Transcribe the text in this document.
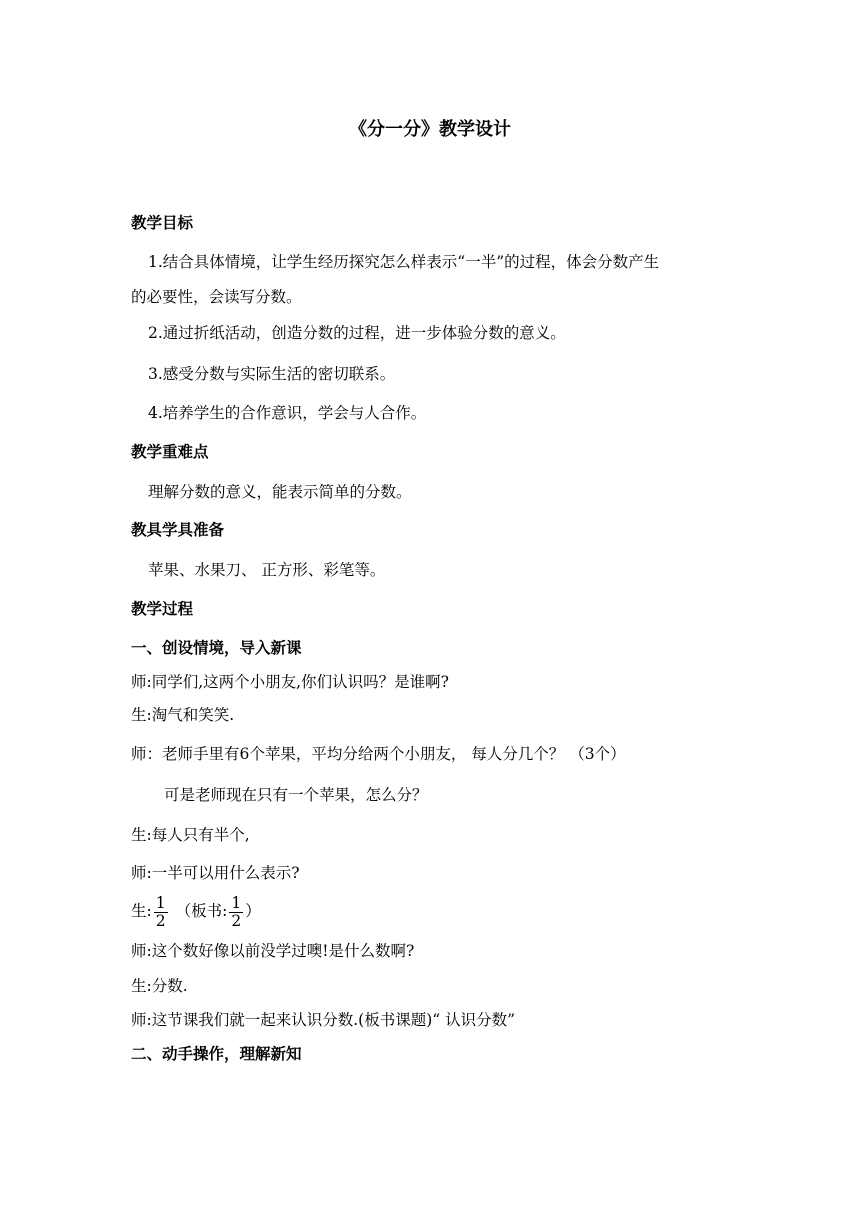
《分一分》教学设计
教学目标
1.结合具体情境，让学生经历探究怎么样表示“一半”的过程，体会分数产生
的必要性，会读写分数。
2.通过折纸活动，创造分数的过程，进一步体验分数的意义。
3.感受分数与实际生活的密切联系。
4.培养学生的合作意识，学会与人合作。
教学重难点
理解分数的意义，能表示简单的分数。
教具学具准备
苹果、水果刀、 正方形、彩笔等。
教学过程
一、创设情境，导入新课
师:同学们,这两个小朋友,你们认识吗？是谁啊?
生:淘气和笑笑.
师：老师手里有6个苹果，平均分给两个小朋友， 每人分几个？ （3个）
可是老师现在只有一个苹果，怎么分？
生:每人只有半个,
师:一半可以用什么表示?
生: $\frac{1}{2}$ （板书: $\frac{1}{2}$ ）
师:这个数好像以前没学过噢!是什么数啊?
生:分数.
师:这节课我们就一起来认识分数.(板书课题)“ 认识分数”
二、动手操作，理解新知
